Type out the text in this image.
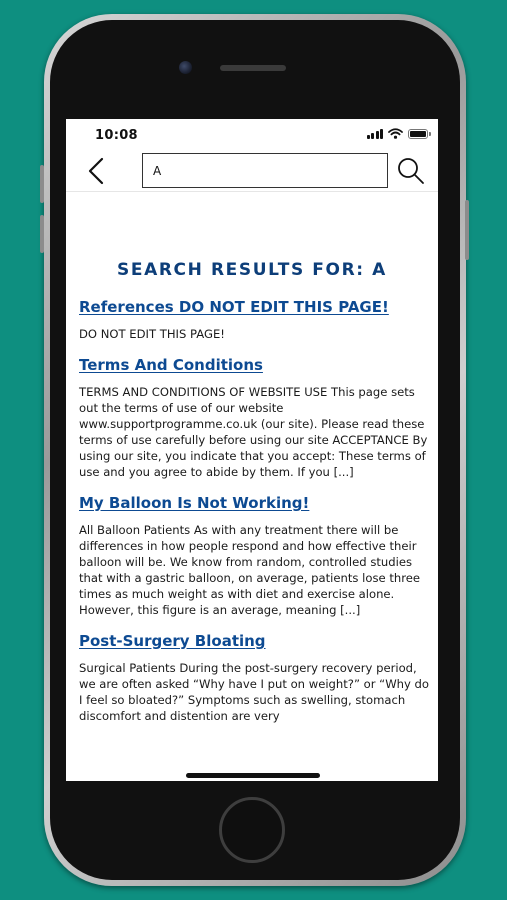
10:08
A
SEARCH RESULTS FOR: A
References DO NOT EDIT THIS PAGE!

DO NOT EDIT THIS PAGE!

Terms And Conditions

TERMS AND CONDITIONS OF WEBSITE USE This page sets out the terms of use of our website www.supportprogramme.co.uk (our site). Please read these terms of use carefully before using our site ACCEPTANCE By using our site, you indicate that you accept: These terms of use and you agree to abide by them. If you [...]

My Balloon Is Not Working!

All Balloon Patients As with any treatment there will be differences in how people respond and how effective their balloon will be. We know from random, controlled studies that with a gastric balloon, on average, patients lose three times as much weight as with diet and exercise alone. However, this figure is an average, meaning [...]

Post-Surgery Bloating

Surgical Patients During the post-surgery recovery period, we are often asked “Why have I put on weight?” or “Why do I feel so bloated?” Symptoms such as swelling, stomach discomfort and distention are very
